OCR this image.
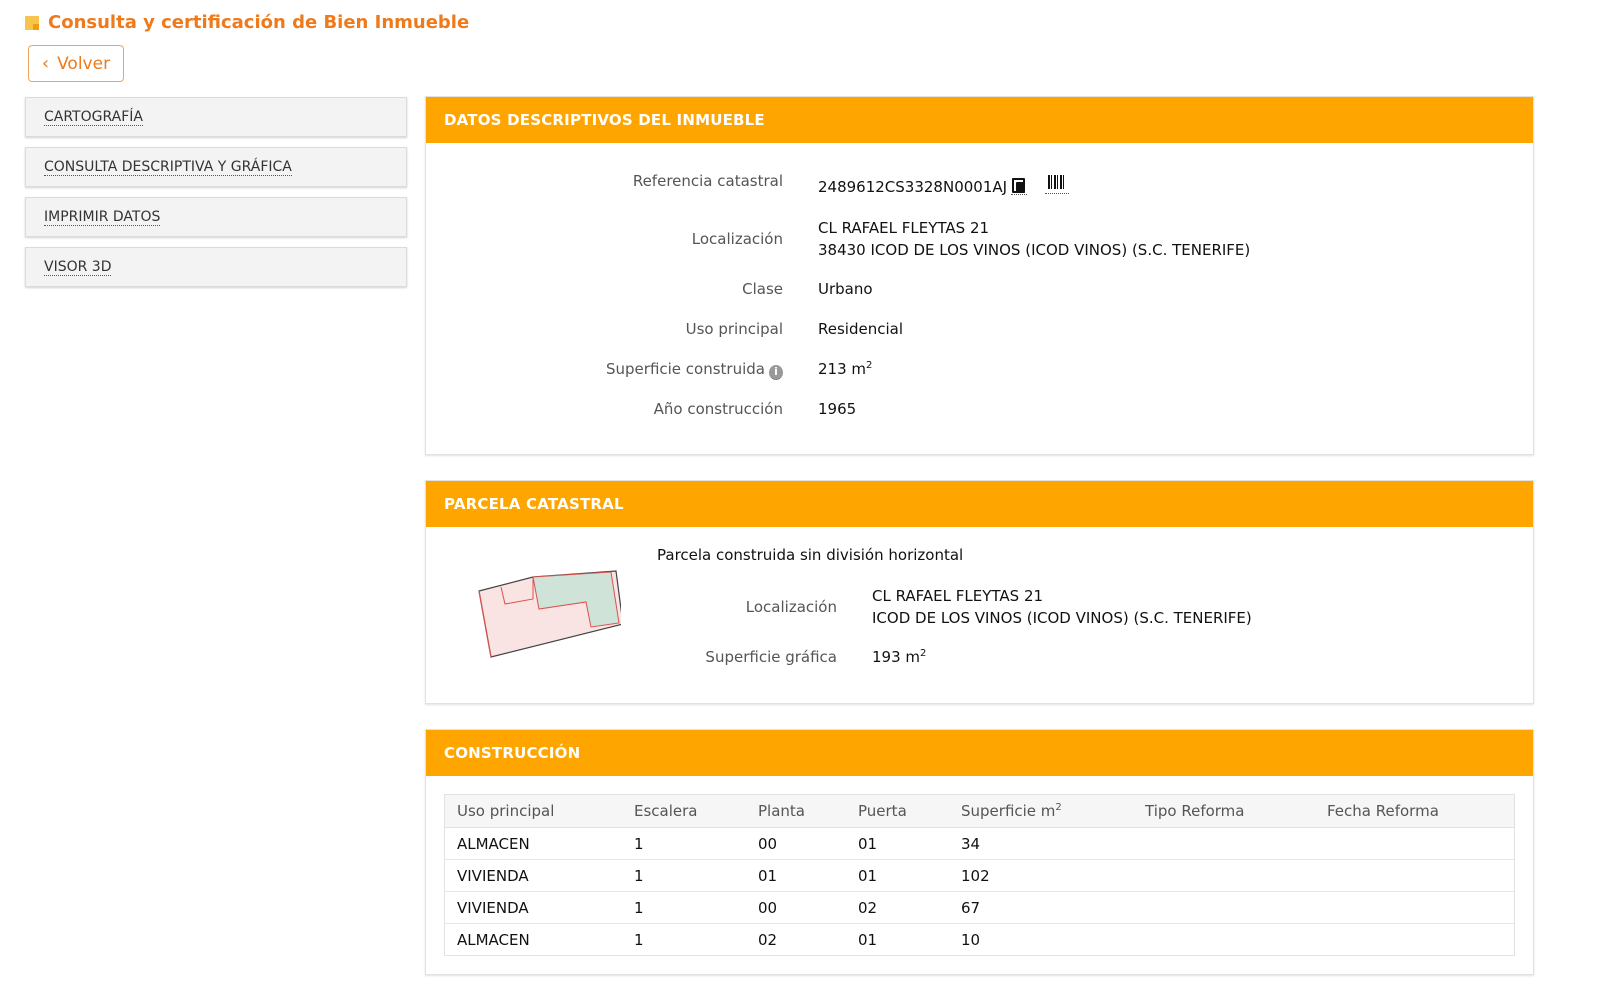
Consulta y certificación de Bien Inmueble
‹ Volver
CARTOGRAFÍA
CONSULTA DESCRIPTIVA Y GRÁFICA
IMPRIMIR DATOS
VISOR 3D
DATOS DESCRIPTIVOS DEL INMUEBLE
Referencia catastral 2489612CS3328N0001AJ
Localización
CL RAFAEL FLEYTAS 21
38430 ICOD DE LOS VINOS (ICOD VINOS) (S.C. TENERIFE)
Clase Urbano
Uso principal Residencial
Superficie construida i	213 $m^2$
Año construcción 1965
PARCELA CATASTRAL
Parcela construida sin división horizontal
Localización
CL RAFAEL FLEYTAS 21
ICOD DE LOS VINOS (ICOD VINOS) (S.C. TENERIFE)
Superficie gráfica 193 $m^2$
CONSTRUCCIÓN
Uso principal	Escalera	Planta	Puerta	Superficie $m^2$	Tipo Reforma	Fecha Reforma
ALMACEN	1	00	01	34		
VIVIENDA	1	01	01	102		
VIVIENDA	1	00	02	67		
ALMACEN	1	02	01	10		
